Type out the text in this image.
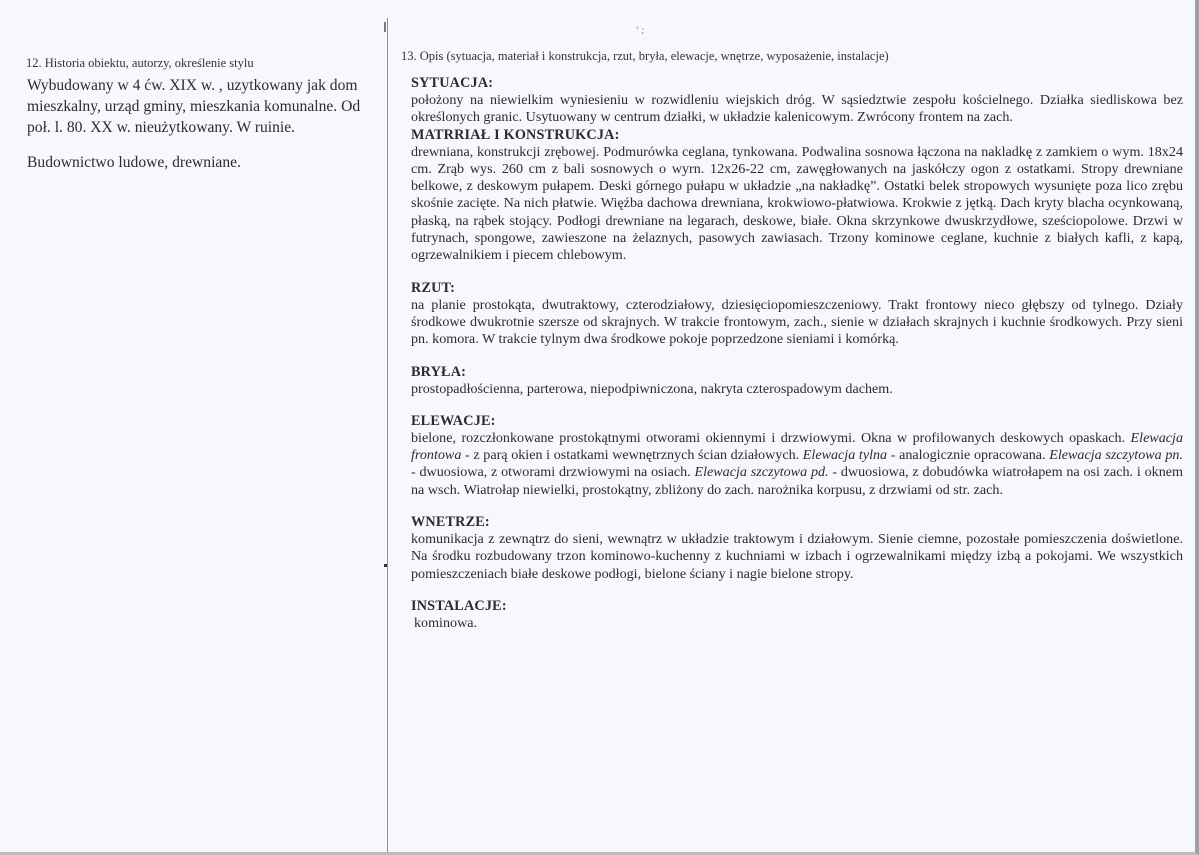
12. Historia obiektu, autorzy, określenie stylu

Wybudowany w 4 ćw. XIX w. , uzytkowany jak dom mieszkalny, urząd gminy, mieszkania komunalne. Od poł. l. 80. XX w. nieużytkowany. W ruinie.

Budownictwo ludowe, drewniane.

' ;
13. Opis (sytuacja, materiał i konstrukcja, rzut, bryła, elewacje, wnętrze, wyposażenie, instalacje)
SYTUACJA:

położony na niewielkim wyniesieniu w rozwidleniu wiejskich dróg. W sąsiedztwie zespołu kościelnego. Działka siedliskowa bez określonych granic. Usytuowany w centrum działki, w układzie kalenicowym. Zwrócony frontem na zach.

MATRRIAŁ I KONSTRUKCJA:

drewniana, konstrukcji zrębowej. Podmurówka ceglana, tynkowana. Podwalina sosnowa łączona na nakladkę z zamkiem o wym. 18x24 cm. Zrąb wys. 260 cm z bali sosnowych o wyrn. 12x26-22 cm, zawęgłowanych na jaskółczy ogon z ostatkami. Stropy drewniane belkowe, z deskowym pułapem. Deski górnego pułapu w układzie „na nakładkę”. Ostatki belek stropowych wysunięte poza lico zrębu skośnie zacięte. Na nich płatwie. Więźba dachowa drewniana, krokwiowo-płatwiowa. Krokwie z jętką. Dach kryty blacha ocynkowaną, płaską, na rąbek stojący. Podłogi drewniane na legarach, deskowe, białe. Okna skrzynkowe dwuskrzydłowe, sześciopolowe. Drzwi w futrynach, spongowe, zawieszone na żelaznych, pasowych zawiasach. Trzony kominowe ceglane, kuchnie z białych kafli, z kapą, ogrzewalnikiem i piecem chlebowym.

RZUT:

na planie prostokąta, dwutraktowy, czterodziałowy, dziesięciopomieszczeniowy. Trakt frontowy nieco głębszy od tylnego. Działy środkowe dwukrotnie szersze od skrajnych. W trakcie frontowym, zach., sienie w działach skrajnych i kuchnie środkowych. Przy sieni pn. komora. W trakcie tylnym dwa środkowe pokoje poprzedzone sieniami i komórką.

BRYŁA:

prostopadłościenna, parterowa, niepodpiwniczona, nakryta czterospadowym dachem.

ELEWACJE:

bielone, rozczłonkowane prostokątnymi otworami okiennymi i drzwiowymi. Okna w profilowanych deskowych opaskach. Elewacja frontowa - z parą okien i ostatkami wewnętrznych ścian działowych. Elewacja tylna - analogicznie opracowana. Elewacja szczytowa pn. - dwuosiowa, z otworami drzwiowymi na osiach. Elewacja szczytowa pd. - dwuosiowa, z dobudówka wiatrołapem na osi zach. i oknem na wsch. Wiatrołap niewielki, prostokątny, zbliżony do zach. narożnika korpusu, z drzwiami od str. zach.

WNETRZE:

komunikacja z zewnątrz do sieni, wewnątrz w układzie traktowym i działowym. Sienie ciemne, pozostałe pomieszczenia doświetlone. Na środku rozbudowany trzon kominowo-kuchenny z kuchniami w izbach i ogrzewalnikami między izbą a pokojami. We wszystkich pomieszczeniach białe deskowe podłogi, bielone ściany i nagie bielone stropy.

INSTALACJE:

kominowa.
